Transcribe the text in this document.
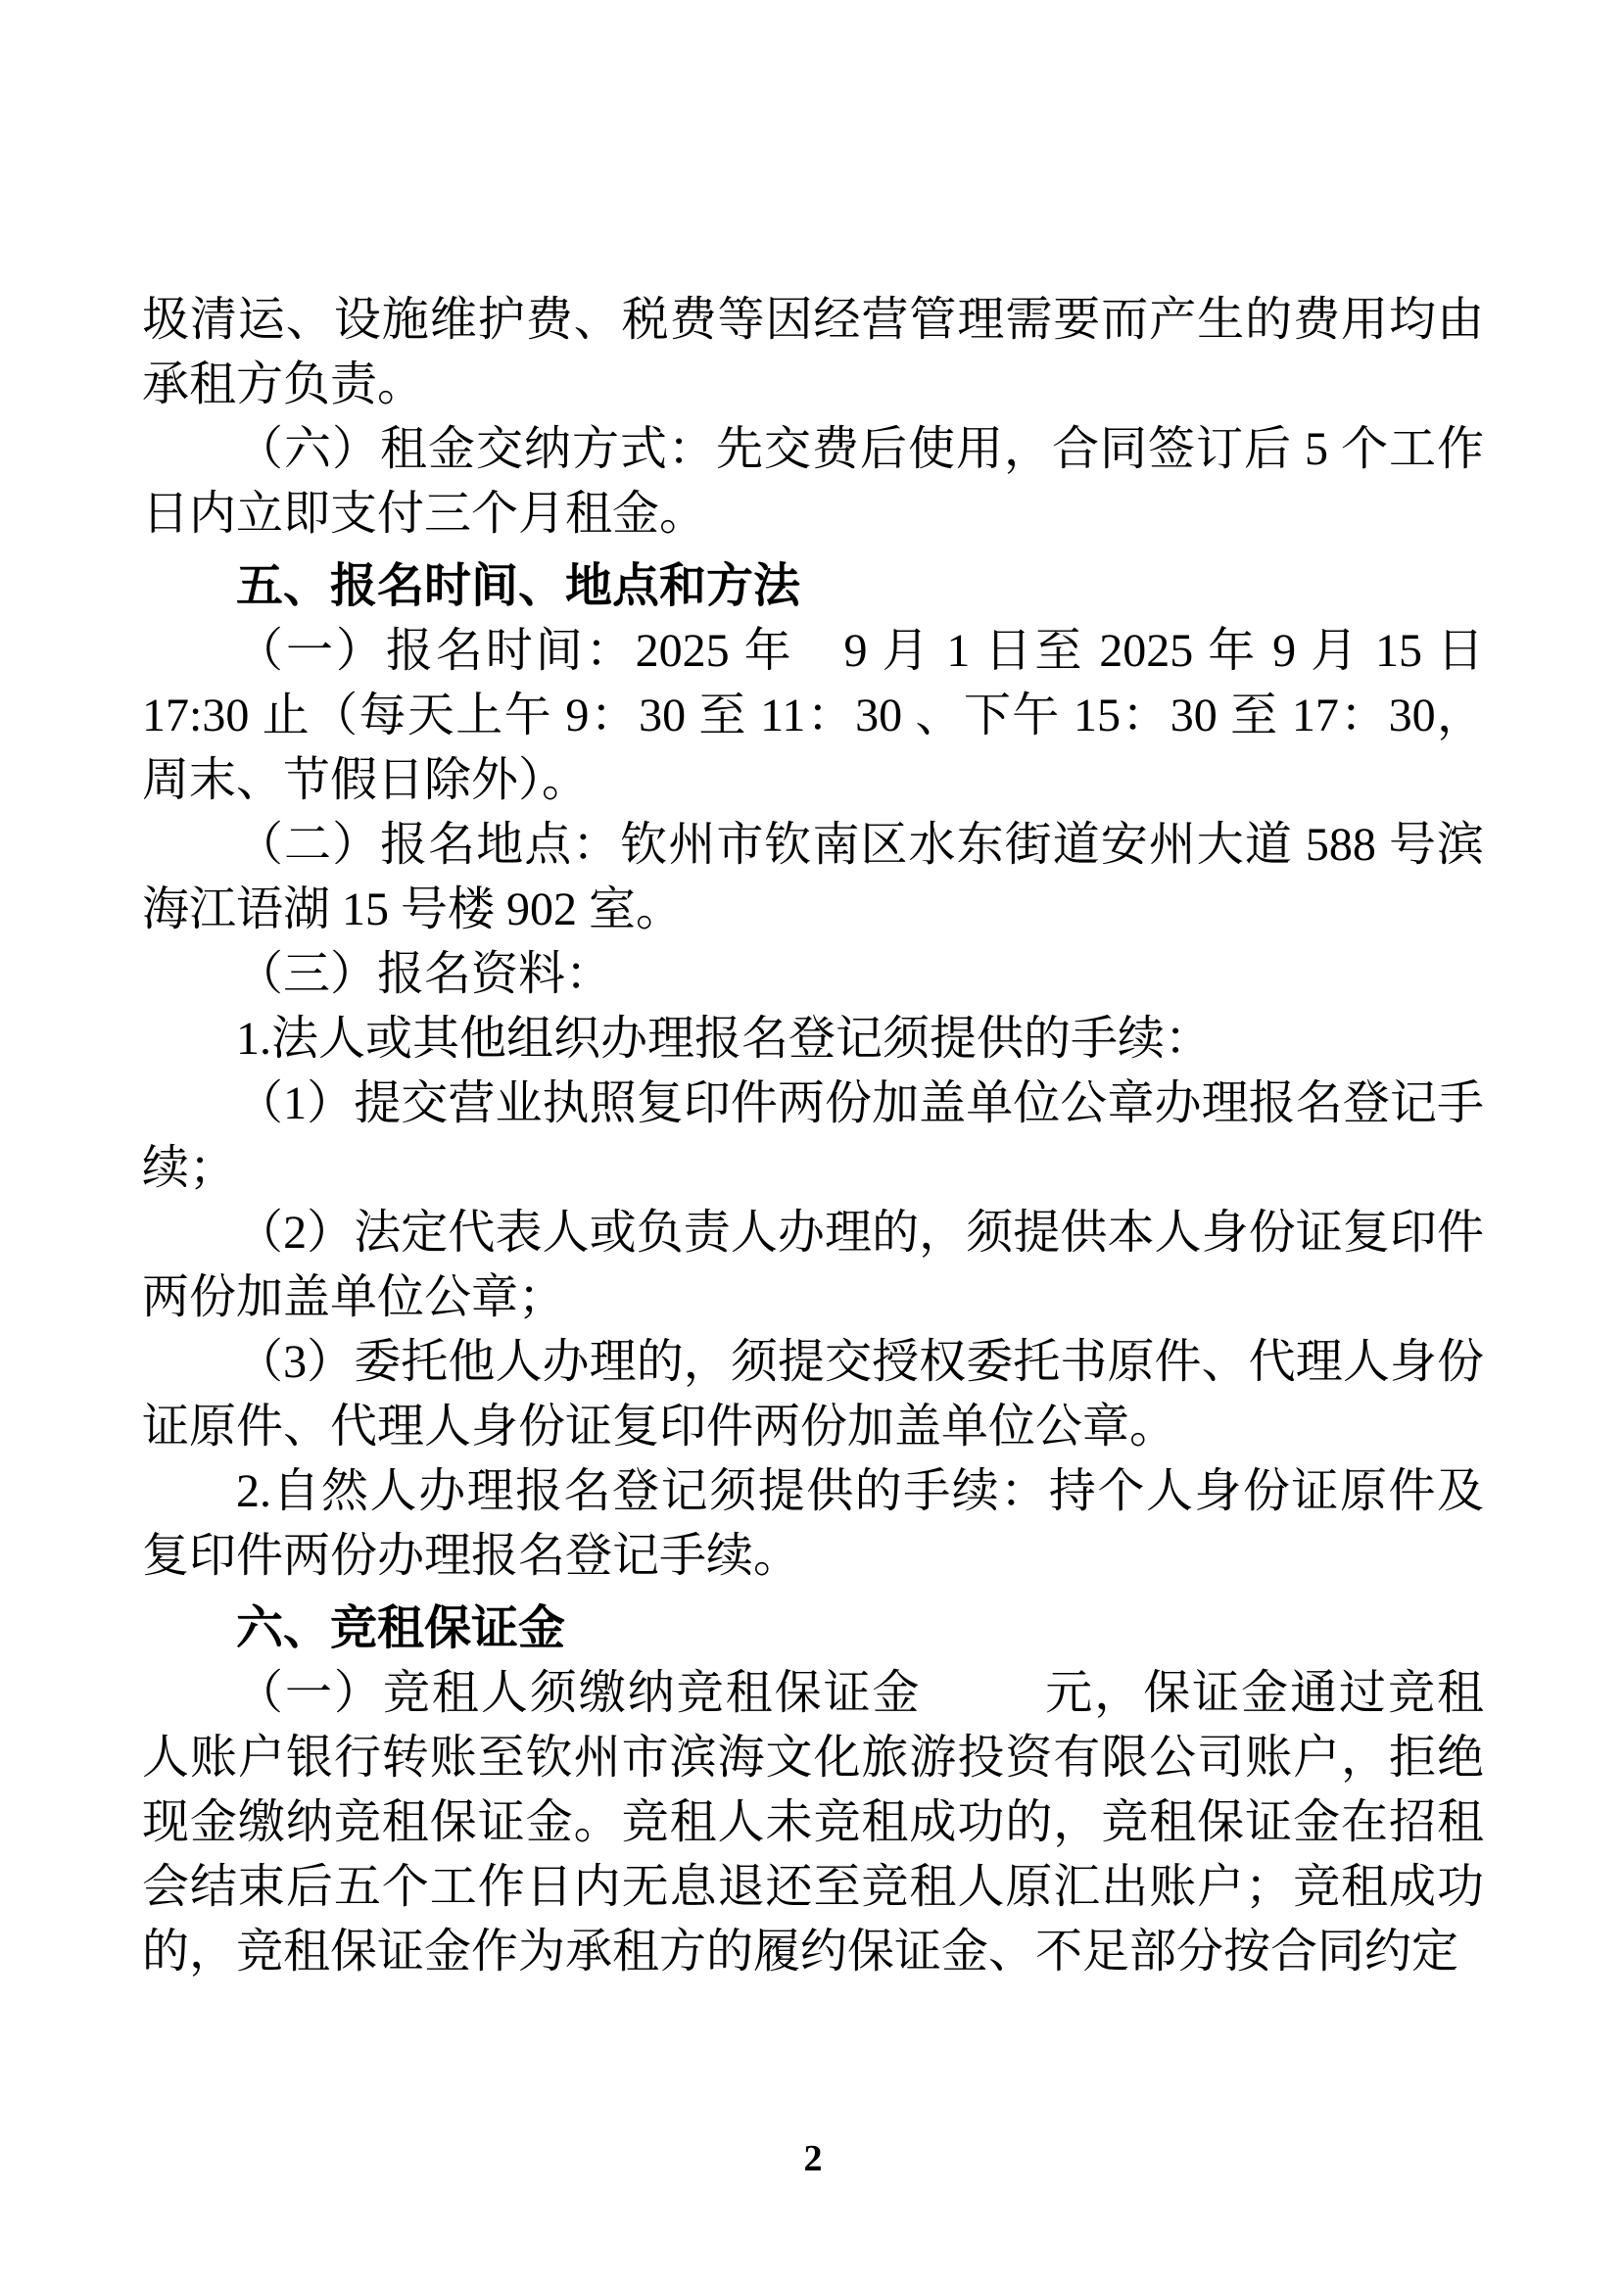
圾清运、设施维护费、税费等因经营管理需要而产生的费用均由承租方负责。

（六）租金交纳方式：先交费后使用，合同签订后 5 个工作日内立即支付三个月租金。

五、报名时间、地点和方法

（一）报名时间：2025 年　9 月 1 日至 2025 年 9 月 15 日 17:30 止（每天上午 9：30 至 11：30 、下午 15：30 至 17：30，周末、节假日除外）。

（二）报名地点：钦州市钦南区水东街道安州大道 588 号滨海江语湖 15 号楼 902 室。

（三）报名资料：

1.法人或其他组织办理报名登记须提供的手续：

（1）提交营业执照复印件两份加盖单位公章办理报名登记手续；

（2）法定代表人或负责人办理的，须提供本人身份证复印件两份加盖单位公章；

（3）委托他人办理的，须提交授权委托书原件、代理人身份证原件、代理人身份证复印件两份加盖单位公章。

2.自然人办理报名登记须提供的手续：持个人身份证原件及复印件两份办理报名登记手续。

六、竞租保证金

（一）竞租人须缴纳竞租保证金	元，保证金通过竞租人账户银行转账至钦州市滨海文化旅游投资有限公司账户，拒绝现金缴纳竞租保证金。竞租人未竞租成功的，竞租保证金在招租会结束后五个工作日内无息退还至竞租人原汇出账户；竞租成功的，竞租保证金作为承租方的履约保证金、不足部分按合同约定

2
